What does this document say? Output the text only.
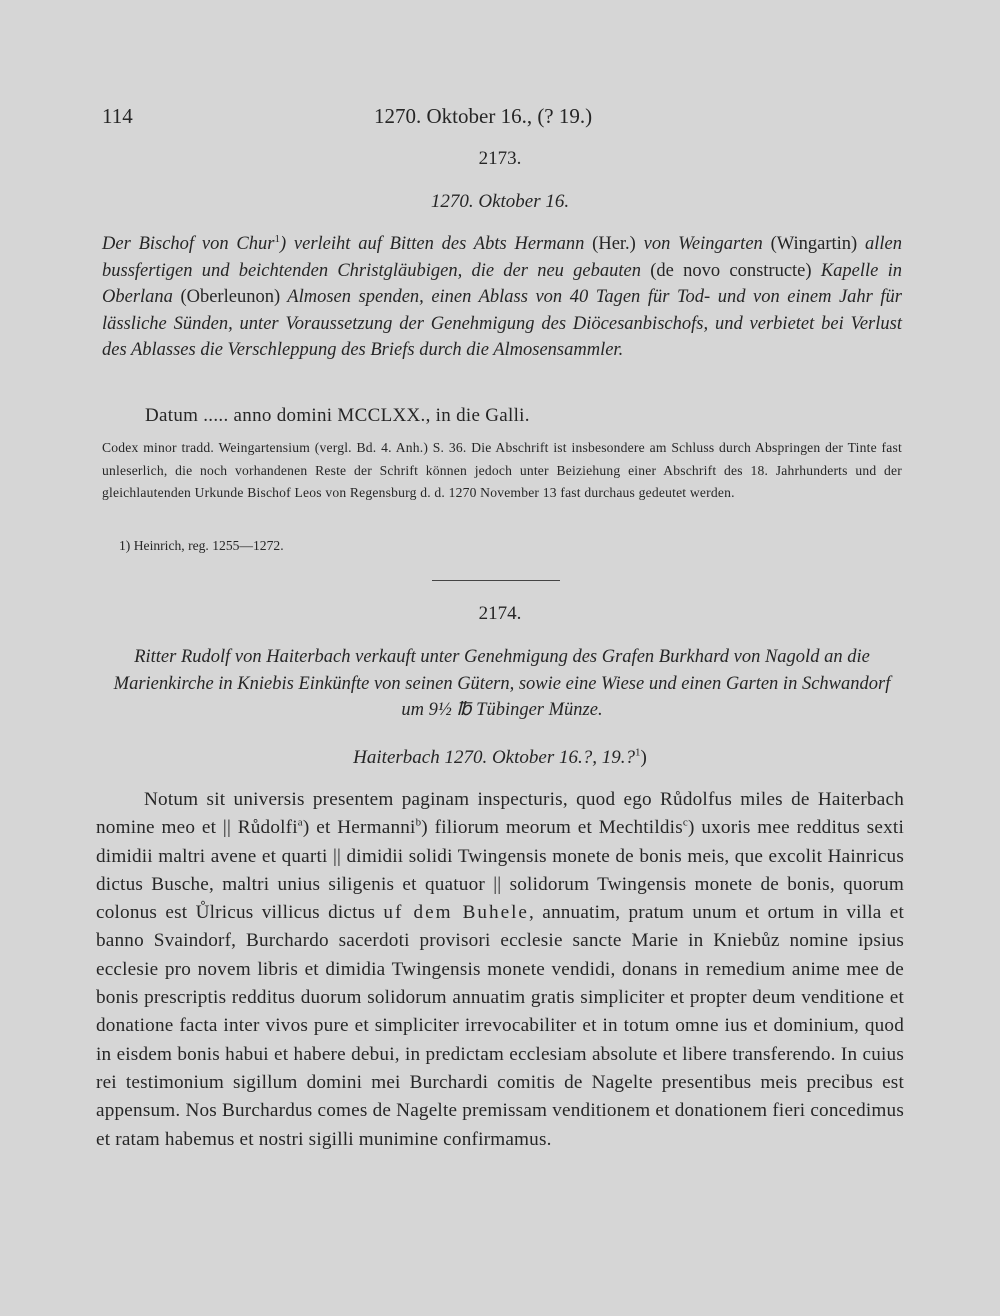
114	1270. Oktober 16., (? 19.)
2173.
1270. Oktober 16.
Der Bischof von Chur$^1$) verleiht auf Bitten des Abts Hermann (Her.) von Weingarten (Wingartin) allen bussfertigen und beichtenden Christgläubigen, die der neu gebauten (de novo constructe) Kapelle in Oberlana (Oberleunon) Almosen spenden, einen Ablass von 40 Tagen für Tod- und von einem Jahr für lässliche Sünden, unter Voraussetzung der Genehmigung des Diöcesanbischofs, und verbietet bei Verlust des Ablasses die Verschleppung des Briefs durch die Almosensammler.
Datum ..... anno domini MCCLXX., in die Galli.

Codex minor tradd. Weingartensium (vergl. Bd. 4. Anh.) S. 36. Die Abschrift ist insbesondere am Schluss durch Abspringen der Tinte fast unleserlich, die noch vorhandenen Reste der Schrift können jedoch unter Beiziehung einer Abschrift des 18. Jahrhunderts und der gleichlautenden Urkunde Bischof Leos von Regensburg d. d. 1270 November 13 fast durchaus gedeutet werden.

1) Heinrich, reg. 1255—1272.
2174.
Ritter Rudolf von Haiterbach verkauft unter Genehmigung des Grafen Burkhard von Nagold an die Marienkirche in Kniebis Einkünfte von seinen Gütern, sowie eine Wiese und einen Garten in Schwandorf um 9½ ℔ Tübinger Münze.
Haiterbach 1270. Oktober 16.?, 19.?$^1$)

Notum sit universis presentem paginam inspecturis, quod ego Růdolfus miles de Haiterbach nomine meo et || Růdolfi$^a$) et Hermanni$^b$) filiorum meorum et Mechtildis$^c$) uxoris mee redditus sexti dimidii maltri avene et quarti || dimidii solidi Twingensis monete de bonis meis, que excolit Hainricus dictus Busche, maltri unius siligenis et quatuor || solidorum Twingensis monete de bonis, quorum colonus est Ůlricus villicus dictus uf dem Buhele, annuatim, pratum unum et ortum in villa et banno Svaindorf, Burchardo sacerdoti provisori ecclesie sancte Marie in Kniebůz nomine ipsius ecclesie pro novem libris et dimidia Twingensis monete vendidi, donans in remedium anime mee de bonis prescriptis redditus duorum solidorum annuatim gratis simpliciter et propter deum venditione et donatione facta inter vivos pure et simpliciter irrevocabiliter et in totum omne ius et dominium, quod in eisdem bonis habui et habere debui, in predictam ecclesiam absolute et libere transferendo. In cuius rei testimonium sigillum domini mei Burchardi comitis de Nagelte presentibus meis precibus est appensum. Nos Burchardus comes de Nagelte premissam venditionem et donationem fieri concedimus et ratam habemus et nostri sigilli munimine confirmamus.
